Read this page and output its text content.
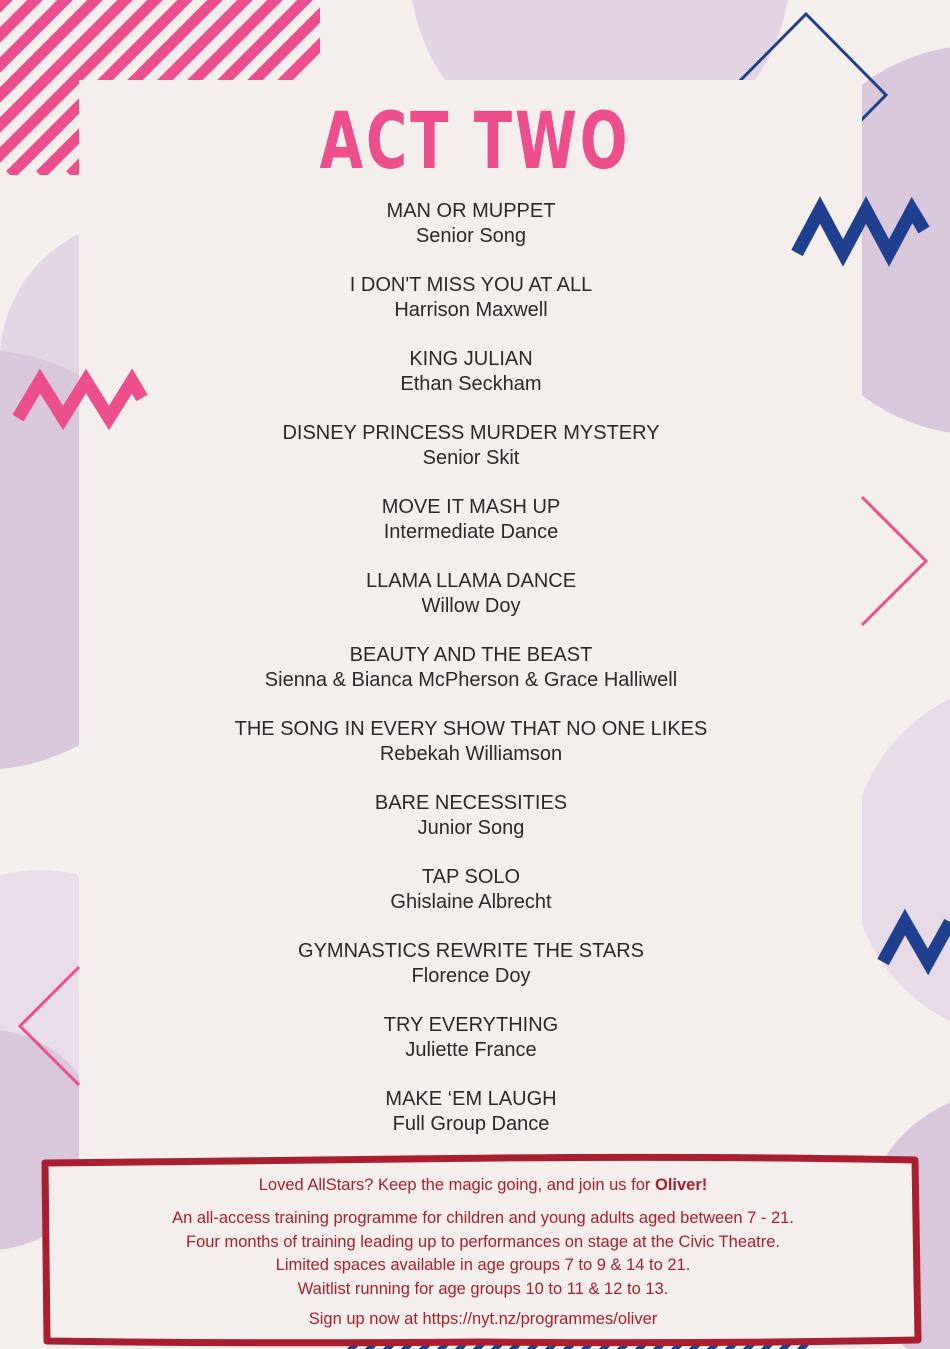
ACT TWO
MAN OR MUPPET
Senior Song
I DON'T MISS YOU AT ALL
Harrison Maxwell
KING JULIAN
Ethan Seckham
DISNEY PRINCESS MURDER MYSTERY
Senior Skit
MOVE IT MASH UP
Intermediate Dance
LLAMA LLAMA DANCE
Willow Doy
BEAUTY AND THE BEAST
Sienna & Bianca McPherson & Grace Halliwell
THE SONG IN EVERY SHOW THAT NO ONE LIKES
Rebekah Williamson
BARE NECESSITIES
Junior Song
TAP SOLO
Ghislaine Albrecht
GYMNASTICS REWRITE THE STARS
Florence Doy
TRY EVERYTHING
Juliette France
MAKE ‘EM LAUGH
Full Group Dance

Loved AllStars? Keep the magic going, and join us for Oliver!

An all-access training programme for children and young adults aged between 7 - 21.

Four months of training leading up to performances on stage at the Civic Theatre.

Limited spaces available in age groups 7 to 9 & 14 to 21.

Waitlist running for age groups 10 to 11 & 12 to 13.

Sign up now at https://nyt.nz/programmes/oliver
